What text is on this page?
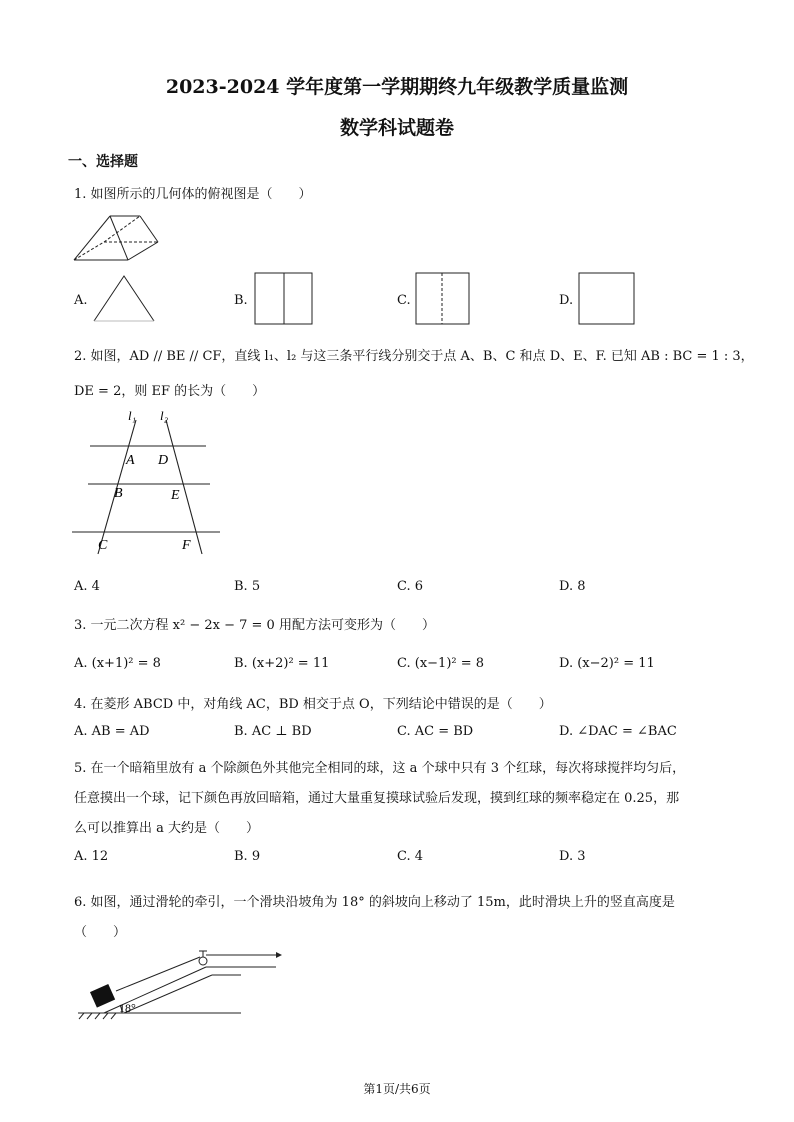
2023-2024 学年度第一学期期终九年级教学质量监测
数学科试题卷
一、选择题
1. 如图所示的几何体的俯视图是（　　）
A.	B.	C.	D.
2. 如图，AD // BE // CF，直线 l₁、l₂ 与这三条平行线分别交于点 A、B、C 和点 D、E、F. 已知 AB : BC = 1 : 3，
DE = 2，则 EF 的长为（　　）
l₁ l₂
A D
B	E
C	F
A. 4	B. 5	C. 6	D. 8
3. 一元二次方程 x² − 2x − 7 = 0 用配方法可变形为（　　）
A. (x+1)² = 8	B. (x+2)² = 11	C. (x−1)² = 8	D. (x−2)² = 11
4. 在菱形 ABCD 中，对角线 AC，BD 相交于点 O，下列结论中错误的是（　　）
A. AB = AD	B. AC ⊥ BD	C. AC = BD	D. ∠DAC = ∠BAC
5. 在一个暗箱里放有 a 个除颜色外其他完全相同的球，这 a 个球中只有 3 个红球，每次将球搅拌均匀后，
任意摸出一个球，记下颜色再放回暗箱，通过大量重复摸球试验后发现，摸到红球的频率稳定在 0.25，那
么可以推算出 a 大约是（　　）
A. 12	B. 9	C. 4	D. 3
6. 如图，通过滑轮的牵引，一个滑块沿坡角为 18° 的斜坡向上移动了 15m，此时滑块上升的竖直高度是
（　　）
18°
第1页/共6页
